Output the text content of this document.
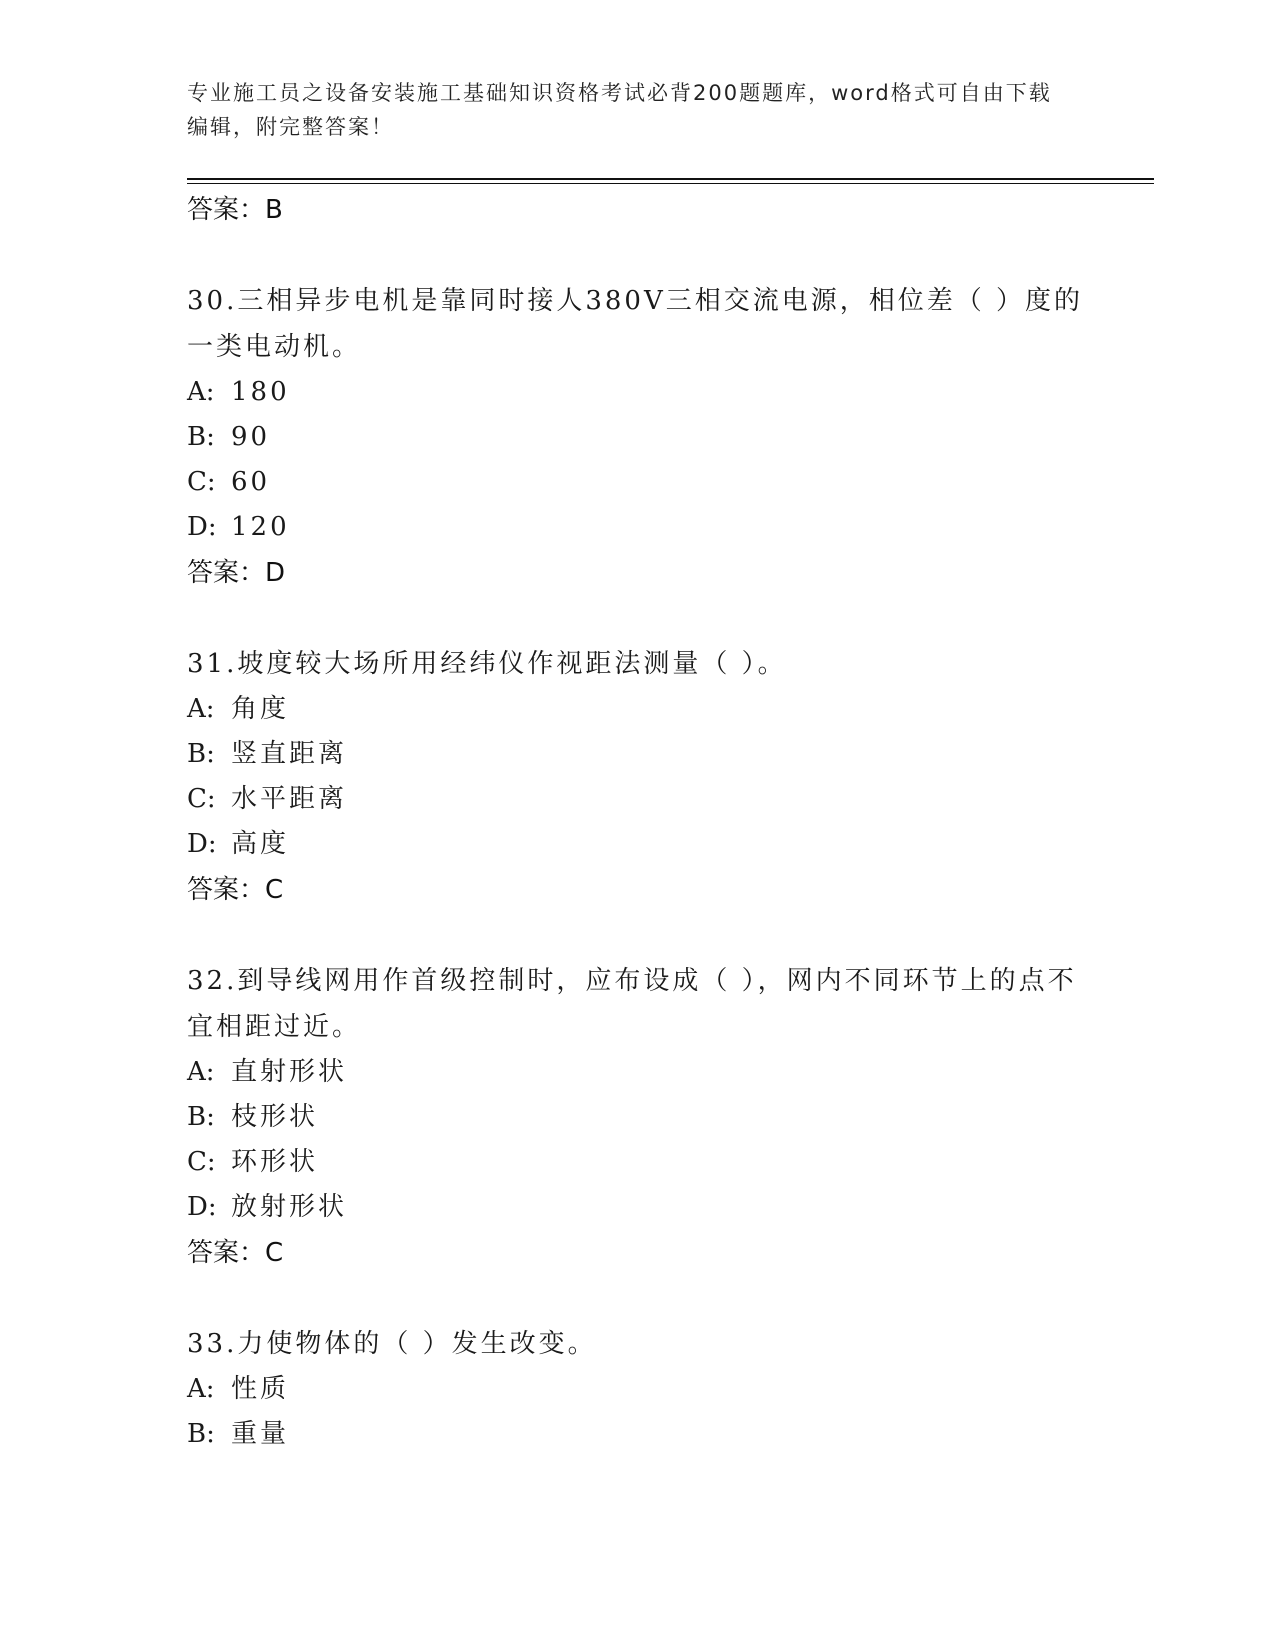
专业施工员之设备安装施工基础知识资格考试必背200题题库，word格式可自由下载编辑，附完整答案！
答案：B
30.三相异步电机是靠同时接人380V三相交流电源，相位差（ ）度的一类电动机。
A: 180
B: 90
C: 60
D: 120
答案：D
31.坡度较大场所用经纬仪作视距法测量（ ）。
A: 角度
B: 竖直距离
C: 水平距离
D: 高度
答案：C
32.到导线网用作首级控制时，应布设成（ ），网内不同环节上的点不宜相距过近。
A: 直射形状
B: 枝形状
C: 环形状
D: 放射形状
答案：C
33.力使物体的（ ）发生改变。
A: 性质
B: 重量
